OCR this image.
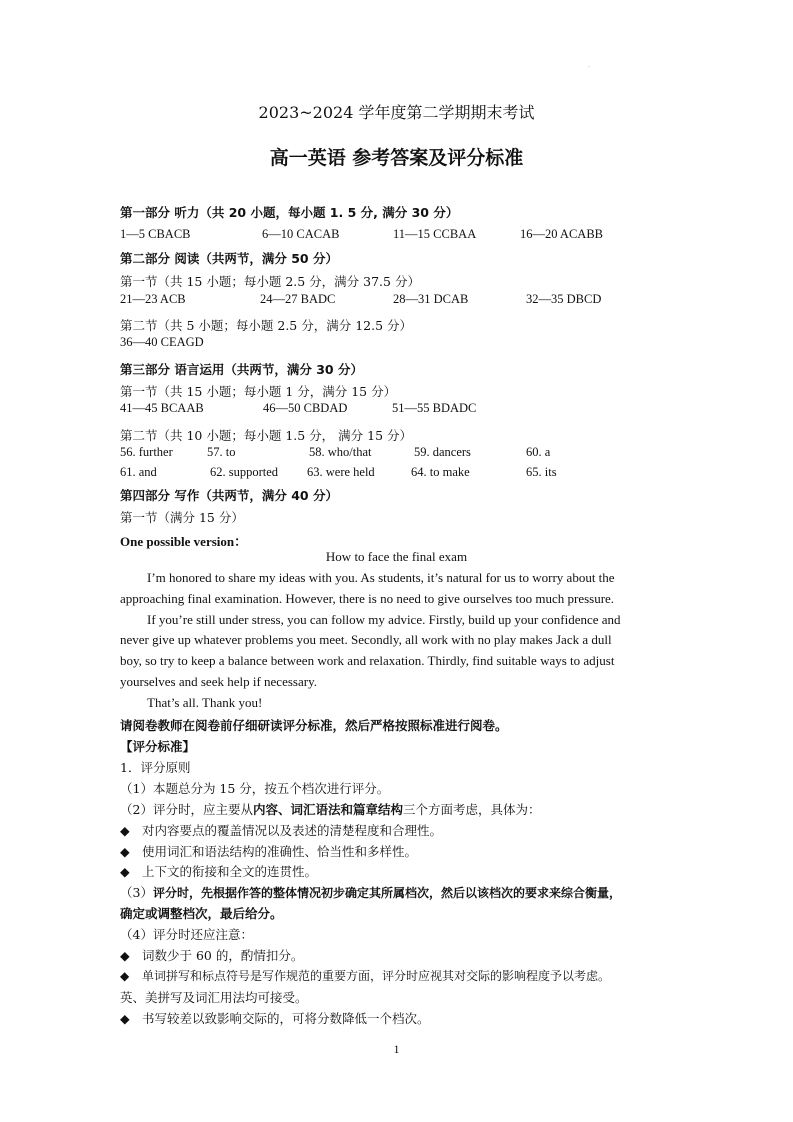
·
2023~2024 学年度第二学期期末考试
高一英语 参考答案及评分标准
第一部分 听力（共 20 小题，每小题 1. 5 分, 满分 30 分）
1—5 CBACB	6—10 CACAB	11—15 CCBAA	16—20 ACABB
第二部分 阅读（共两节，满分 50 分）
第一节（共 15 小题；每小题 2.5 分，满分 37.5 分）
21—23 ACB	24—27 BADC	28—31 DCAB	32—35 DBCD
第二节（共 5 小题；每小题 2.5 分，满分 12.5 分）
36—40 CEAGD
第三部分 语言运用（共两节，满分 30 分）
第一节（共 15 小题；每小题 1 分，满分 15 分）
41—45 BCAAB	46—50 CBDAD	51—55 BDADC
第二节（共 10 小题；每小题 1.5 分， 满分 15 分）
56. further	57. to	58. who/that	59. dancers	60. a
61. and	62. supported 63. were held	64. to make	65. its
第四部分 写作（共两节，满分 40 分）
第一节（满分 15 分）
One possible version：
How to face the final exam
I’m honored to share my ideas with you. As students, it’s natural for us to worry about the
approaching final examination. However, there is no need to give ourselves too much pressure.
If you’re still under stress, you can follow my advice. Firstly, build up your confidence and
never give up whatever problems you meet. Secondly, all work with no play makes Jack a dull
boy, so try to keep a balance between work and relaxation. Thirdly, find suitable ways to adjust
yourselves and seek help if necessary.
That’s all. Thank you!
请阅卷教师在阅卷前仔细研读评分标准，然后严格按照标准进行阅卷。
【评分标准】
1．评分原则
（1）本题总分为 15 分，按五个档次进行评分。
（2）评分时，应主要从内容、词汇语法和篇章结构三个方面考虑，具体为：
◆ 对内容要点的覆盖情况以及表述的清楚程度和合理性。
◆ 使用词汇和语法结构的准确性、恰当性和多样性。
◆ 上下文的衔接和全文的连贯性。
（3）评分时，先根据作答的整体情况初步确定其所属档次，然后以该档次的要求来综合衡量，
确定或调整档次，最后给分。
（4）评分时还应注意：
◆ 词数少于 60 的，酌情扣分。
◆ 单词拼写和标点符号是写作规范的重要方面，评分时应视其对交际的影响程度予以考虑。
英、美拼写及词汇用法均可接受。
◆ 书写较差以致影响交际的，可将分数降低一个档次。
1
